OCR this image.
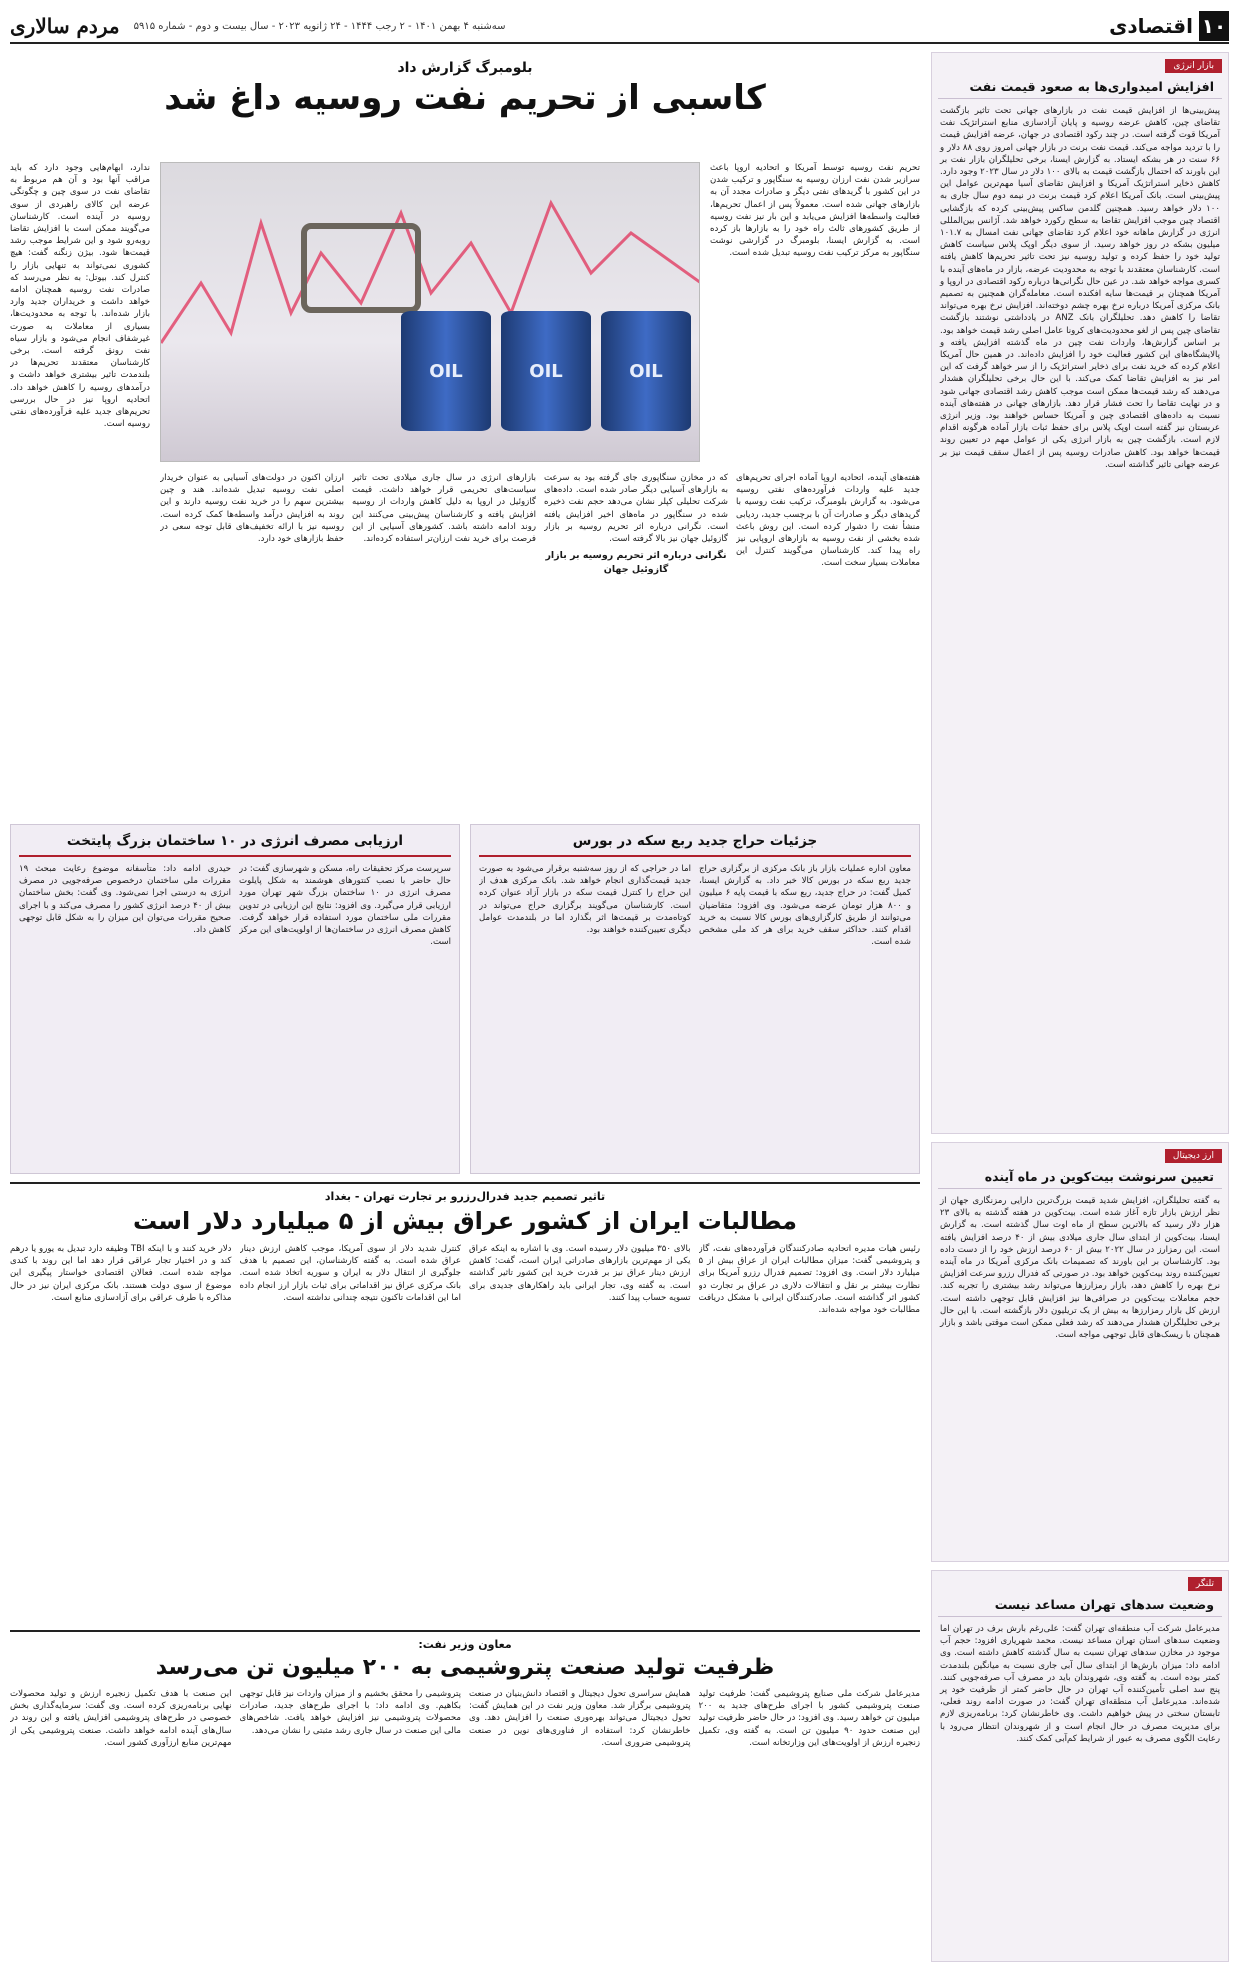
۱۰
اقتصادی
سه‌شنبه ۴ بهمن ۱۴۰۱ - ۲ رجب ۱۴۴۴ - ۲۴ ژانویه ۲۰۲۳ - سال بیست و دوم - شماره ۵۹۱۵
مردم سالاری
بازار انرژی
افزایش امیدواری‌ها به صعود قیمت نفت
پیش‌بینی‌ها از افزایش قیمت نفت در بازارهای جهانی تحت تاثیر بازگشت تقاضای چین، کاهش عرضه روسیه و پایان آزادسازی منابع استراتژیک نفت آمریکا قوت گرفته است. در چند رکود اقتصادی در جهان، عرضه افزایش قیمت را با تردید مواجه می‌کند. قیمت نفت برنت در بازار جهانی امروز روی ۸۸ دلار و ۶۶ سنت در هر بشکه ایستاد. به گزارش ایسنا، برخی تحلیلگران بازار نفت بر این باورند که احتمال بازگشت قیمت به بالای ۱۰۰ دلار در سال ۲۰۲۳ وجود دارد. کاهش ذخایر استراتژیک آمریکا و افزایش تقاضای آسیا مهم‌ترین عوامل این پیش‌بینی است. بانک آمریکا اعلام کرد قیمت برنت در نیمه دوم سال جاری به ۱۰۰ دلار خواهد رسید. همچنین گلدمن ساکس پیش‌بینی کرده که بازگشایی اقتصاد چین موجب افزایش تقاضا به سطح رکورد خواهد شد. آژانس بین‌المللی انرژی در گزارش ماهانه خود اعلام کرد تقاضای جهانی نفت امسال به ۱۰۱.۷ میلیون بشکه در روز خواهد رسید. از سوی دیگر اوپک پلاس سیاست کاهش تولید خود را حفظ کرده و تولید روسیه نیز تحت تاثیر تحریم‌ها کاهش یافته است. کارشناسان معتقدند با توجه به محدودیت عرضه، بازار در ماه‌های آینده با کسری مواجه خواهد شد. در عین حال نگرانی‌ها درباره رکود اقتصادی در اروپا و آمریکا همچنان بر قیمت‌ها سایه افکنده است. معامله‌گران همچنین به تصمیم بانک مرکزی آمریکا درباره نرخ بهره چشم دوخته‌اند. افزایش نرخ بهره می‌تواند تقاضا را کاهش دهد. تحلیلگران بانک ANZ در یادداشتی نوشتند بازگشت تقاضای چین پس از لغو محدودیت‌های کرونا عامل اصلی رشد قیمت خواهد بود. بر اساس گزارش‌ها، واردات نفت چین در ماه گذشته افزایش یافته و پالایشگاه‌های این کشور فعالیت خود را افزایش داده‌اند. در همین حال آمریکا اعلام کرده که خرید نفت برای ذخایر استراتژیک را از سر خواهد گرفت که این امر نیز به افزایش تقاضا کمک می‌کند. با این حال برخی تحلیلگران هشدار می‌دهند که رشد قیمت‌ها ممکن است موجب کاهش رشد اقتصادی جهانی شود و در نهایت تقاضا را تحت فشار قرار دهد. بازارهای جهانی در هفته‌های آینده نسبت به داده‌های اقتصادی چین و آمریکا حساس خواهند بود. وزیر انرژی عربستان نیز گفته است اوپک پلاس برای حفظ ثبات بازار آماده هرگونه اقدام لازم است. بازگشت چین به بازار انرژی یکی از عوامل مهم در تعیین روند قیمت‌ها خواهد بود. کاهش صادرات روسیه پس از اعمال سقف قیمت نیز بر عرضه جهانی تاثیر گذاشته است.
ارز دیجیتال
تعیین سرنوشت بیت‌کوین در ماه آینده
به گفته تحلیلگران، افزایش شدید قیمت بزرگ‌ترین دارایی رمزنگاری جهان از نظر ارزش بازار تازه آغاز شده است. بیت‌کوین در هفته گذشته به بالای ۲۳ هزار دلار رسید که بالاترین سطح از ماه اوت سال گذشته است. به گزارش ایسنا، بیت‌کوین از ابتدای سال جاری میلادی بیش از ۴۰ درصد افزایش یافته است. این رمزارز در سال ۲۰۲۲ بیش از ۶۰ درصد ارزش خود را از دست داده بود. کارشناسان بر این باورند که تصمیمات بانک مرکزی آمریکا در ماه آینده تعیین‌کننده روند بیت‌کوین خواهد بود. در صورتی که فدرال رزرو سرعت افزایش نرخ بهره را کاهش دهد، بازار رمزارزها می‌تواند رشد بیشتری را تجربه کند. حجم معاملات بیت‌کوین در صرافی‌ها نیز افزایش قابل توجهی داشته است. ارزش کل بازار رمزارزها به بیش از یک تریلیون دلار بازگشته است. با این حال برخی تحلیلگران هشدار می‌دهند که رشد فعلی ممکن است موقتی باشد و بازار همچنان با ریسک‌های قابل توجهی مواجه است.
تلنگر
وضعیت سدهای تهران مساعد نیست
مدیرعامل شرکت آب منطقه‌ای تهران گفت: علی‌رغم بارش برف در تهران اما وضعیت سدهای استان تهران مساعد نیست. محمد شهریاری افزود: حجم آب موجود در مخازن سدهای تهران نسبت به سال گذشته کاهش داشته است. وی ادامه داد: میزان بارش‌ها از ابتدای سال آبی جاری نسبت به میانگین بلندمدت کمتر بوده است. به گفته وی، شهروندان باید در مصرف آب صرفه‌جویی کنند. پنج سد اصلی تأمین‌کننده آب تهران در حال حاضر کمتر از ظرفیت خود پر شده‌اند. مدیرعامل آب منطقه‌ای تهران گفت: در صورت ادامه روند فعلی، تابستان سختی در پیش خواهیم داشت. وی خاطرنشان کرد: برنامه‌ریزی لازم برای مدیریت مصرف در حال انجام است و از شهروندان انتظار می‌رود با رعایت الگوی مصرف به عبور از شرایط کم‌آبی کمک کنند.
بلومبرگ گزارش داد
کاسبی از تحریم نفت روسیه داغ شد
تحریم نفت روسیه توسط آمریکا و اتحادیه اروپا باعث سرازیر شدن نفت ارزان روسیه به سنگاپور و ترکیب شدن در این کشور با گریدهای نفتی دیگر و صادرات مجدد آن به بازارهای جهانی شده است. معمولاً پس از اعمال تحریم‌ها، فعالیت واسطه‌ها افزایش می‌یابد و این بار نیز نفت روسیه از طریق کشورهای ثالث راه خود را به بازارها باز کرده است. به گزارش ایسنا، بلومبرگ در گزارشی نوشت سنگاپور به مرکز ترکیب نفت روسیه تبدیل شده است.
OIL	OIL	OIL
ندارد، ابهام‌هایی وجود دارد که باید مراقب آنها بود و آن هم مربوط به تقاضای نفت در سوی چین و چگونگی عرضه این کالای راهبردی از سوی روسیه در آینده است. کارشناسان می‌گویند ممکن است با افزایش تقاضا روبه‌رو شود و این شرایط موجب رشد قیمت‌ها شود. بیژن زنگنه گفت: هیچ کشوری نمی‌تواند به تنهایی بازار را کنترل کند. بیوتل: به نظر می‌رسد که صادرات نفت روسیه همچنان ادامه خواهد داشت و خریداران جدید وارد بازار شده‌اند. با توجه به محدودیت‌ها، بسیاری از معاملات به صورت غیرشفاف انجام می‌شود و بازار سیاه نفت رونق گرفته است. برخی کارشناسان معتقدند تحریم‌ها در بلندمدت تاثیر بیشتری خواهد داشت و درآمدهای روسیه را کاهش خواهد داد. اتحادیه اروپا نیز در حال بررسی تحریم‌های جدید علیه فرآورده‌های نفتی روسیه است.
هفته‌های آینده، اتحادیه اروپا آماده اجرای تحریم‌های جدید علیه واردات فرآورده‌های نفتی روسیه می‌شود. به گزارش بلومبرگ، ترکیب نفت روسیه با گریدهای دیگر و صادرات آن با برچسب جدید، ردیابی منشأ نفت را دشوار کرده است. این روش باعث شده بخشی از نفت روسیه به بازارهای اروپایی نیز راه پیدا کند. کارشناسان می‌گویند کنترل این معاملات بسیار سخت است.
که در مخازن سنگاپوری جای گرفته بود به سرعت به بازارهای آسیایی دیگر صادر شده است. داده‌های شرکت تحلیلی کپلر نشان می‌دهد حجم نفت ذخیره شده در سنگاپور در ماه‌های اخیر افزایش یافته است. نگرانی درباره اثر تحریم روسیه بر بازار گازوئیل جهان نیز بالا گرفته است.
نگرانی درباره اثر تحریم روسیه بر بازار گازوئیل جهان
بازارهای انرژی در سال جاری میلادی تحت تاثیر سیاست‌های تحریمی قرار خواهد داشت. قیمت گازوئیل در اروپا به دلیل کاهش واردات از روسیه افزایش یافته و کارشناسان پیش‌بینی می‌کنند این روند ادامه داشته باشد. کشورهای آسیایی از این فرصت برای خرید نفت ارزان‌تر استفاده کرده‌اند.
ارزان اکنون در دولت‌های آسیایی به عنوان خریدار اصلی نفت روسیه تبدیل شده‌اند. هند و چین بیشترین سهم را در خرید نفت روسیه دارند و این روند به افزایش درآمد واسطه‌ها کمک کرده است. روسیه نیز با ارائه تخفیف‌های قابل توجه سعی در حفظ بازارهای خود دارد.
جزئیات حراج جدید ربع سکه در بورس
معاون اداره عملیات بازار باز بانک مرکزی از برگزاری حراج جدید ربع سکه در بورس کالا خبر داد. به گزارش ایسنا، کمیل گفت: در حراج جدید، ربع سکه با قیمت پایه ۶ میلیون و ۸۰۰ هزار تومان عرضه می‌شود. وی افزود: متقاضیان می‌توانند از طریق کارگزاری‌های بورس کالا نسبت به خرید اقدام کنند. حداکثر سقف خرید برای هر کد ملی مشخص شده است.
اما در حراجی که از روز سه‌شنبه برقرار می‌شود به صورت جدید قیمت‌گذاری انجام خواهد شد. بانک مرکزی هدف از این حراج را کنترل قیمت سکه در بازار آزاد عنوان کرده است. کارشناسان می‌گویند برگزاری حراج می‌تواند در کوتاه‌مدت بر قیمت‌ها اثر بگذارد اما در بلندمدت عوامل دیگری تعیین‌کننده خواهند بود.
ارزیابی مصرف انرژی در ۱۰ ساختمان بزرگ پایتخت
سرپرست مرکز تحقیقات راه، مسکن و شهرسازی گفت: در حال حاضر با نصب کنتورهای هوشمند به شکل پایلوت مصرف انرژی در ۱۰ ساختمان بزرگ شهر تهران مورد ارزیابی قرار می‌گیرد. وی افزود: نتایج این ارزیابی در تدوین مقررات ملی ساختمان مورد استفاده قرار خواهد گرفت. کاهش مصرف انرژی در ساختمان‌ها از اولویت‌های این مرکز است.
حیدری ادامه داد: متأسفانه موضوع رعایت مبحث ۱۹ مقررات ملی ساختمان درخصوص صرفه‌جویی در مصرف انرژی به درستی اجرا نمی‌شود. وی گفت: بخش ساختمان بیش از ۴۰ درصد انرژی کشور را مصرف می‌کند و با اجرای صحیح مقررات می‌توان این میزان را به شکل قابل توجهی کاهش داد.
تاثیر تصمیم جدید فدرال‌رزرو بر تجارت تهران - بغداد
مطالبات ایران از کشور عراق بیش از ۵ میلیارد دلار است
رئیس هیات مدیره اتحادیه صادرکنندگان فرآورده‌های نفت، گاز و پتروشیمی گفت: میزان مطالبات ایران از عراق بیش از ۵ میلیارد دلار است. وی افزود: تصمیم فدرال رزرو آمریکا برای نظارت بیشتر بر نقل و انتقالات دلاری در عراق بر تجارت دو کشور اثر گذاشته است. صادرکنندگان ایرانی با مشکل دریافت مطالبات خود مواجه شده‌اند.
بالای ۳۵۰ میلیون دلار رسیده است. وی با اشاره به اینکه عراق یکی از مهم‌ترین بازارهای صادراتی ایران است، گفت: کاهش ارزش دینار عراق نیز بر قدرت خرید این کشور تاثیر گذاشته است. به گفته وی، تجار ایرانی باید راهکارهای جدیدی برای تسویه حساب پیدا کنند.
کنترل شدید دلار از سوی آمریکا، موجب کاهش ارزش دینار عراق شده است. به گفته کارشناسان، این تصمیم با هدف جلوگیری از انتقال دلار به ایران و سوریه اتخاذ شده است. بانک مرکزی عراق نیز اقداماتی برای ثبات بازار ارز انجام داده اما این اقدامات تاکنون نتیجه چندانی نداشته است.
دلار خرید کنند و با اینکه TBI وظیفه دارد تبدیل به یورو یا درهم کند و در اختیار تجار عراقی قرار دهد اما این روند با کندی مواجه شده است. فعالان اقتصادی خواستار پیگیری این موضوع از سوی دولت هستند. بانک مرکزی ایران نیز در حال مذاکره با طرف عراقی برای آزادسازی منابع است.
معاون وزیر نفت:
ظرفیت تولید صنعت پتروشیمی به ۲۰۰ میلیون تن می‌رسد
مدیرعامل شرکت ملی صنایع پتروشیمی گفت: ظرفیت تولید صنعت پتروشیمی کشور با اجرای طرح‌های جدید به ۲۰۰ میلیون تن خواهد رسید. وی افزود: در حال حاضر ظرفیت تولید این صنعت حدود ۹۰ میلیون تن است. به گفته وی، تکمیل زنجیره ارزش از اولویت‌های این وزارتخانه است.
همایش سراسری تحول دیجیتال و اقتصاد دانش‌بنیان در صنعت پتروشیمی برگزار شد. معاون وزیر نفت در این همایش گفت: تحول دیجیتال می‌تواند بهره‌وری صنعت را افزایش دهد. وی خاطرنشان کرد: استفاده از فناوری‌های نوین در صنعت پتروشیمی ضروری است.
پتروشیمی را محقق بخشیم و از میزان واردات نیز قابل توجهی بکاهیم. وی ادامه داد: با اجرای طرح‌های جدید، صادرات محصولات پتروشیمی نیز افزایش خواهد یافت. شاخص‌های مالی این صنعت در سال جاری رشد مثبتی را نشان می‌دهد.
این صنعت با هدف تکمیل زنجیره ارزش و تولید محصولات نهایی برنامه‌ریزی کرده است. وی گفت: سرمایه‌گذاری بخش خصوصی در طرح‌های پتروشیمی افزایش یافته و این روند در سال‌های آینده ادامه خواهد داشت. صنعت پتروشیمی یکی از مهم‌ترین منابع ارزآوری کشور است.
